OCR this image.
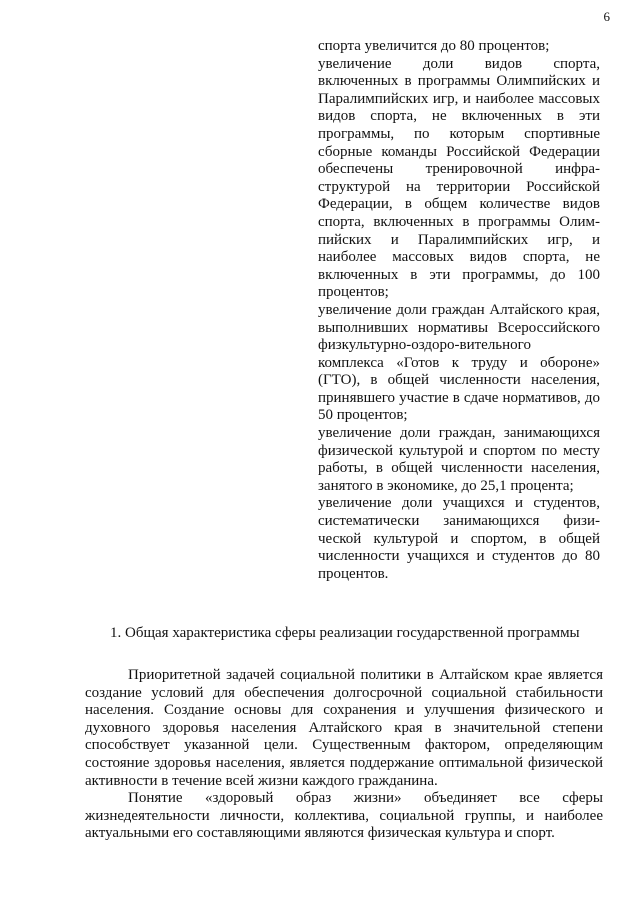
6

спорта увеличится до 80 процентов;

увеличение доли видов спорта, включенных в программы Олимпийских и Паралимпийских игр, и наиболее массовых видов спорта, не включенных в эти программы, по которым спортивные сборные команды Российской Федерации обеспечены тренировочной инфра-структурой на территории Российской Федерации, в общем количестве видов спорта, включенных в программы Олим-пийских и Паралимпийских игр, и наиболее массовых видов спорта, не включенных в эти программы, до 100 процентов;

увеличение доли граждан Алтайского края, выполнивших нормативы Всероссийского физкультурно-оздоро-вительного комплекса «Готов к труду и обороне» (ГТО), в общей численности населения, принявшего участие в сдаче нормативов, до 50 процентов;

увеличение доли граждан, занимающихся физической культурой и спортом по месту работы, в общей численности населения, занятого в экономике, до 25,1 процента;

увеличение доли учащихся и студентов, систематически занимающихся физи-ческой культурой и спортом, в общей численности учащихся и студентов до 80 процентов.

1. Общая характеристика сферы реализации государственной программы

Приоритетной задачей социальной политики в Алтайском крае является создание условий для обеспечения долгосрочной социальной стабильности населения. Создание основы для сохранения и улучшения физического и духовного здоровья населения Алтайского края в значительной степени способствует указанной цели. Существенным фактором, определяющим состояние здоровья населения, является поддержание оптимальной физической активности в течение всей жизни каждого гражданина.

Понятие «здоровый образ жизни» объединяет все сферы жизнедеятельности личности, коллектива, социальной группы, и наиболее актуальными его составляющими являются физическая культура и спорт.
